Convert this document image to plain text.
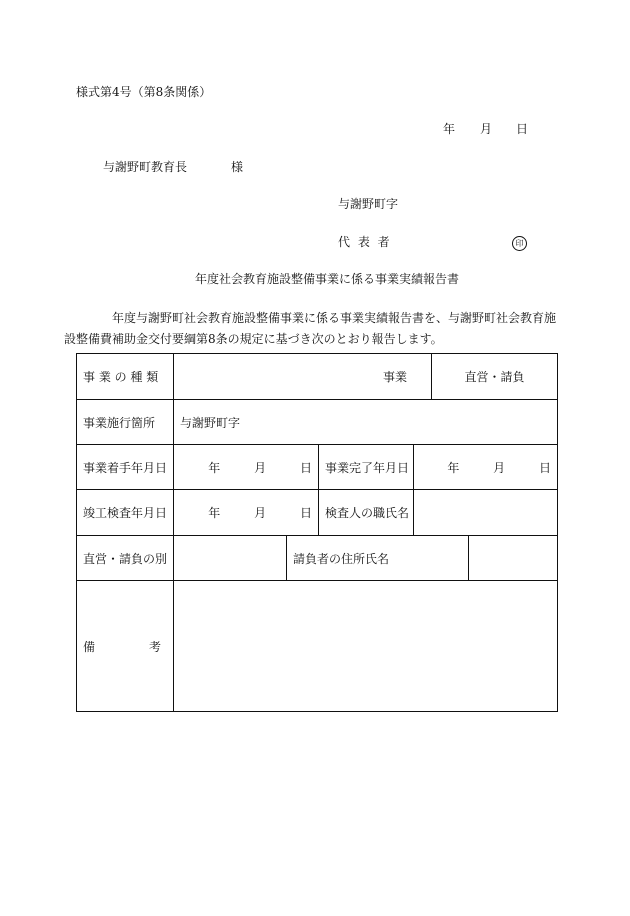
様式第4号（第8条関係）
年 月 日
与謝野町教育長	様
与謝野町字
代 表 者	印
年度社会教育施設整備事業に係る事業実績報告書
年度与謝野町社会教育施設整備事業に係る事業実績報告書を、与謝野町社会教育施
設整備費補助金交付要綱第8条の規定に基づき次のとおり報告します。
事 業 の 種 類	事業				直営・請負	
事業施行箇所	与謝野町字					
事業着手年月日	年 月 日		事業完了年月日	年 月 日		
竣工検査年月日	年 月 日		検査人の職氏名			
直営・請負の別		請負者の住所氏名				

備 考						
